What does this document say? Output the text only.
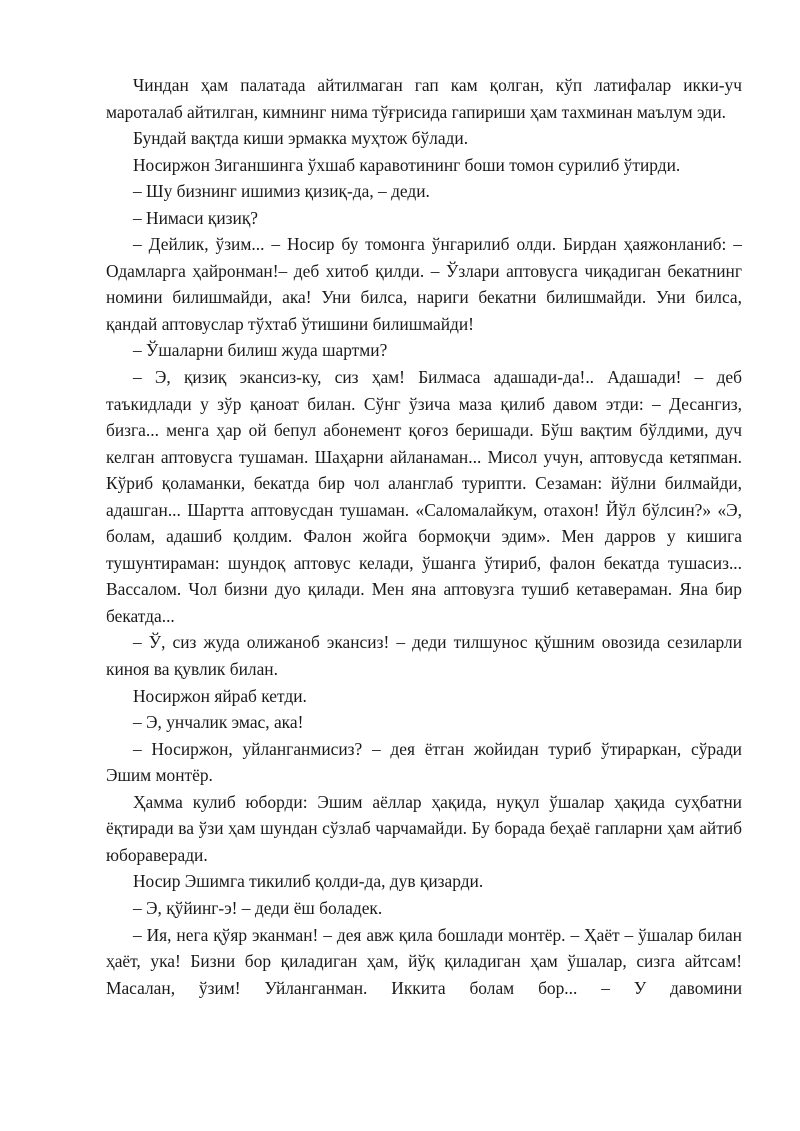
Чиндан ҳам палатада айтилмаган гап кам қолган, кўп латифалар икки-уч мароталаб айтилган, кимнинг нима тўғрисида гапириши ҳам тахминан маълум эди.

Бундай вақтда киши эрмакка муҳтож бўлади.

Носиржон Зиганшинга ўхшаб каравотининг боши томон сурилиб ўтирди.

– Шу бизнинг ишимиз қизиқ-да, – деди.

– Нимаси қизиқ?

– Дейлик, ўзим... – Носир бу томонга ўнгарилиб олди. Бирдан ҳаяжонланиб: – Одамларга ҳайронман!– деб хитоб қилди. – Ўзлари аптовусга чиқадиган бекатнинг номини билишмайди, ака! Уни билса, нариги бекатни билишмайди. Уни билса, қандай аптовуслар тўхтаб ўтишини билишмайди!

– Ўшаларни билиш жуда шартми?

– Э, қизиқ экансиз-ку, сиз ҳам! Билмаса адашади-да!.. Адашади! – деб таъкидлади у зўр қаноат билан. Сўнг ўзича маза қилиб давом этди: – Десангиз, бизга... менга ҳар ой бепул абонемент қоғоз беришади. Бўш вақтим бўлдими, дуч келган аптовусга тушаман. Шаҳарни айланаман... Мисол учун, аптовусда кетяпман. Кўриб қоламанки, бекатда бир чол аланглаб турипти. Сезаман: йўлни билмайди, адашган... Шартта аптовусдан тушаман. «Саломалайкум, отахон! Йўл бўлсин?» «Э, болам, адашиб қолдим. Фалон жойга бормоқчи эдим». Мен дарров у кишига тушунтираман: шундоқ аптовус келади, ўшанга ўтириб, фалон бекатда тушасиз... Вассалом. Чол бизни дуо қилади. Мен яна аптовузга тушиб кетавераман. Яна бир бекатда...

– Ў, сиз жуда олижаноб экансиз! – деди тилшунос қўшним овозида сезиларли киноя ва қувлик билан.

Носиржон яйраб кетди.

– Э, унчалик эмас, ака!

– Носиржон, уйланганмисиз? – дея ётган жойидан туриб ўтираркан, сўради Эшим монтёр.

Ҳамма кулиб юборди: Эшим аёллар ҳақида, нуқул ўшалар ҳақида суҳбатни ёқтиради ва ўзи ҳам шундан сўзлаб чарчамайди. Бу борада беҳаё гапларни ҳам айтиб юбораверади.

Носир Эшимга тикилиб қолди-да, дув қизарди.

– Э, қўйинг-э! – деди ёш боладек.

– Ия, нега қўяр эканман! – дея авж қила бошлади монтёр. – Ҳаёт – ўшалар билан ҳаёт, ука! Бизни бор қиладиган ҳам, йўқ қиладиган ҳам ўшалар, сизга айтсам! Масалан, ўзим! Уйланганман. Иккита болам бор... – У давомини
